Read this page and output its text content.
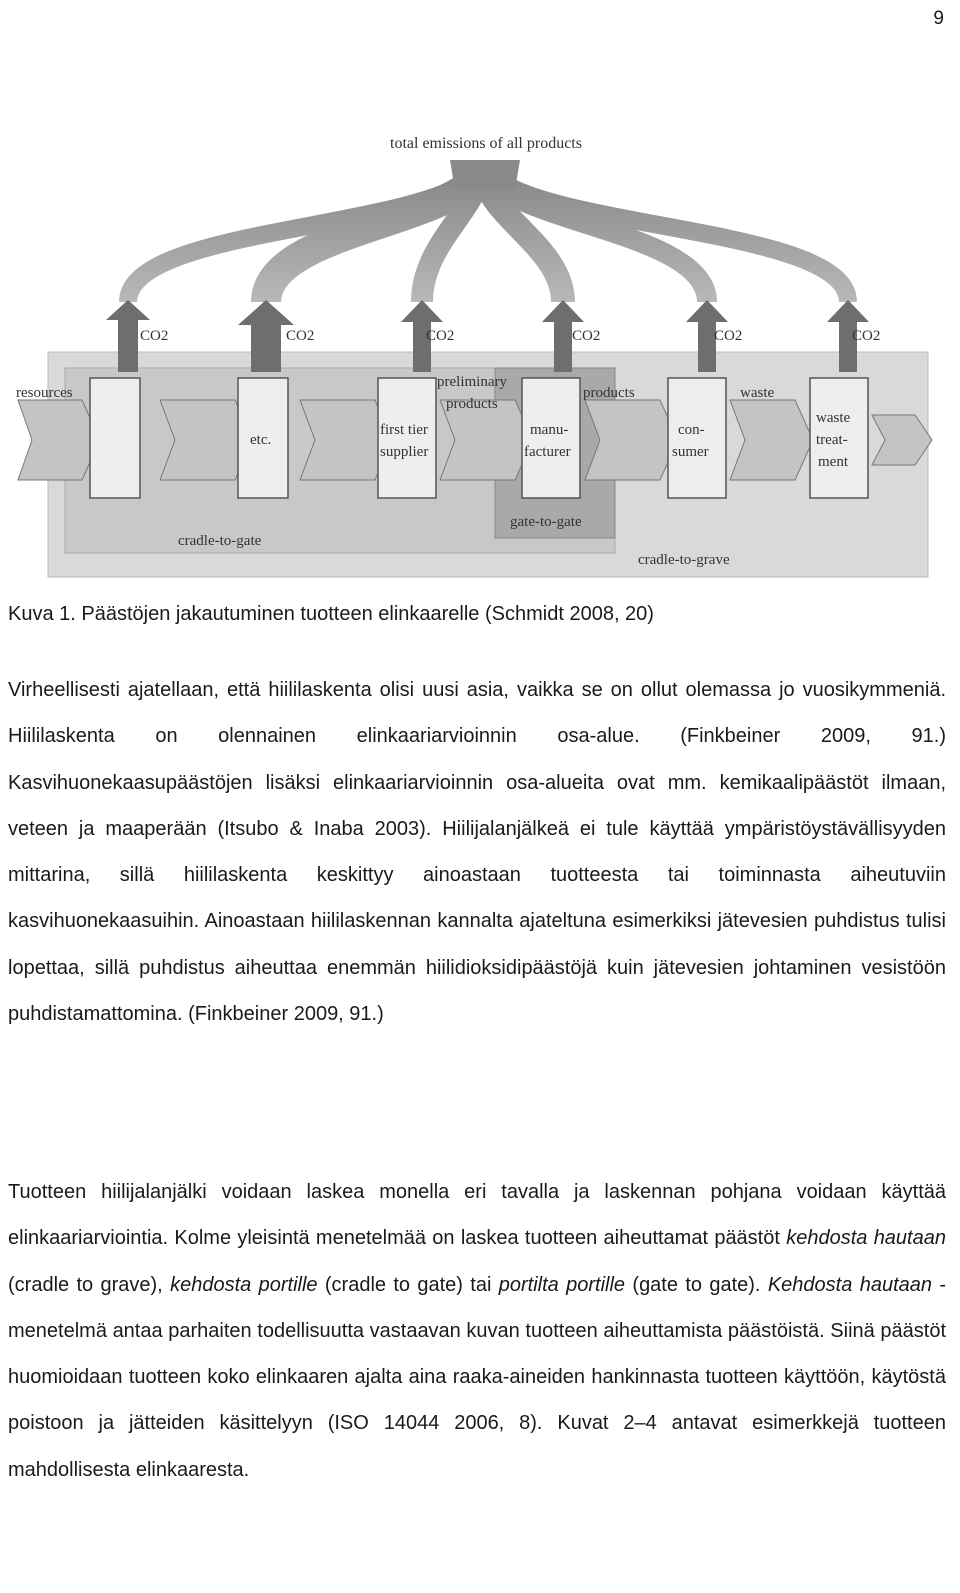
9
total emissions of all products
CO2	CO2	CO2	CO2	CO2	CO2
resources
etc.
preliminary
products
products	waste
first tier
supplier
manu-
facturer
con-
sumer
waste
treat-
ment
cradle-to-gate
gate-to-gate
cradle-to-grave
Kuva 1. Päästöjen jakautuminen tuotteen elinkaarelle (Schmidt 2008, 20)

Virheellisesti ajatellaan, että hiililaskenta olisi uusi asia, vaikka se on ollut olemassa jo vuosikymmeniä. Hiililaskenta on olennainen elinkaariarvioinnin osa-alue. (Finkbeiner 2009, 91.) Kasvihuonekaasupäästöjen lisäksi elinkaariarvioinnin osa-alueita ovat mm. kemikaalipäästöt ilmaan, veteen ja maaperään (Itsubo & Inaba 2003). Hiilijalanjälkeä ei tule käyttää ympäristöystävällisyyden mittarina, sillä hiililaskenta keskittyy ainoastaan tuotteesta tai toiminnasta aiheutuviin kasvihuonekaasuihin. Ainoastaan hiililaskennan kannalta ajateltuna esimerkiksi jätevesien puhdistus tulisi lopettaa, sillä puhdistus aiheuttaa enemmän hiilidioksidipäästöjä kuin jätevesien johtaminen vesistöön puhdistamattomina. (Finkbeiner 2009, 91.)

Tuotteen hiilijalanjälki voidaan laskea monella eri tavalla ja laskennan pohjana voidaan käyttää elinkaariarviointia. Kolme yleisintä menetelmää on laskea tuotteen aiheuttamat päästöt kehdosta hautaan (cradle to grave), kehdosta portille (cradle to gate) tai portilta portille (gate to gate). Kehdosta hautaan -menetelmä antaa parhaiten todellisuutta vastaavan kuvan tuotteen aiheuttamista päästöistä. Siinä päästöt huomioidaan tuotteen koko elinkaaren ajalta aina raaka-aineiden hankinnasta tuotteen käyttöön, käytöstä poistoon ja jätteiden käsittelyyn (ISO 14044 2006, 8). Kuvat 2–4 antavat esimerkkejä tuotteen mahdollisesta elinkaaresta.
